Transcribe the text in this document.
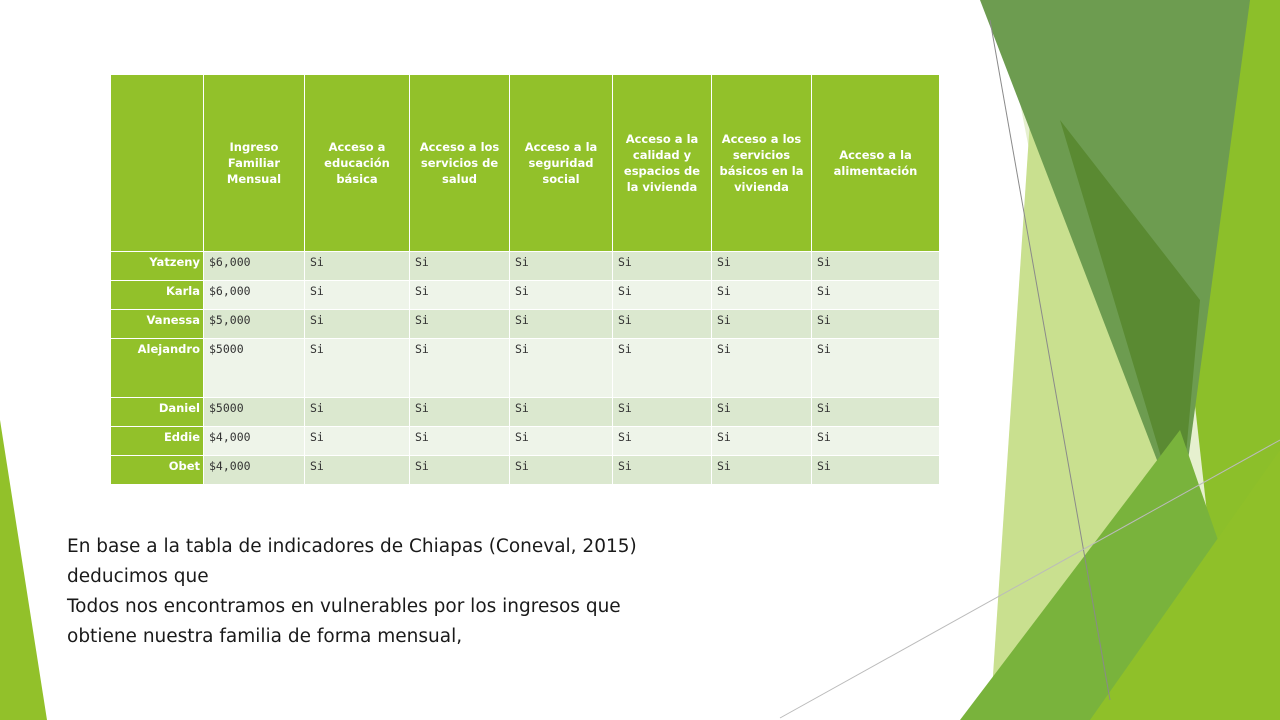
	Ingreso Familiar Mensual	Acceso a educación básica	Acceso a los servicios de salud	Acceso a la seguridad social	Acceso a la calidad y espacios de la vivienda	Acceso a los servicios básicos en la vivienda	Acceso a la alimentación
Yatzeny	$6,000	Si	Si	Si	Si	Si	Si
Karla	$6,000	Si	Si	Si	Si	Si	Si
Vanessa	$5,000	Si	Si	Si	Si	Si	Si
Alejandro	$5000	Si	Si	Si	Si	Si	Si
Daniel	$5000	Si	Si	Si	Si	Si	Si
Eddie	$4,000	Si	Si	Si	Si	Si	Si
Obet	$4,000	Si	Si	Si	Si	Si	Si

En base a la tabla de indicadores de Chiapas (Coneval, 2015)

deducimos que

Todos nos encontramos en vulnerables por los ingresos que

obtiene nuestra familia de forma mensual,
